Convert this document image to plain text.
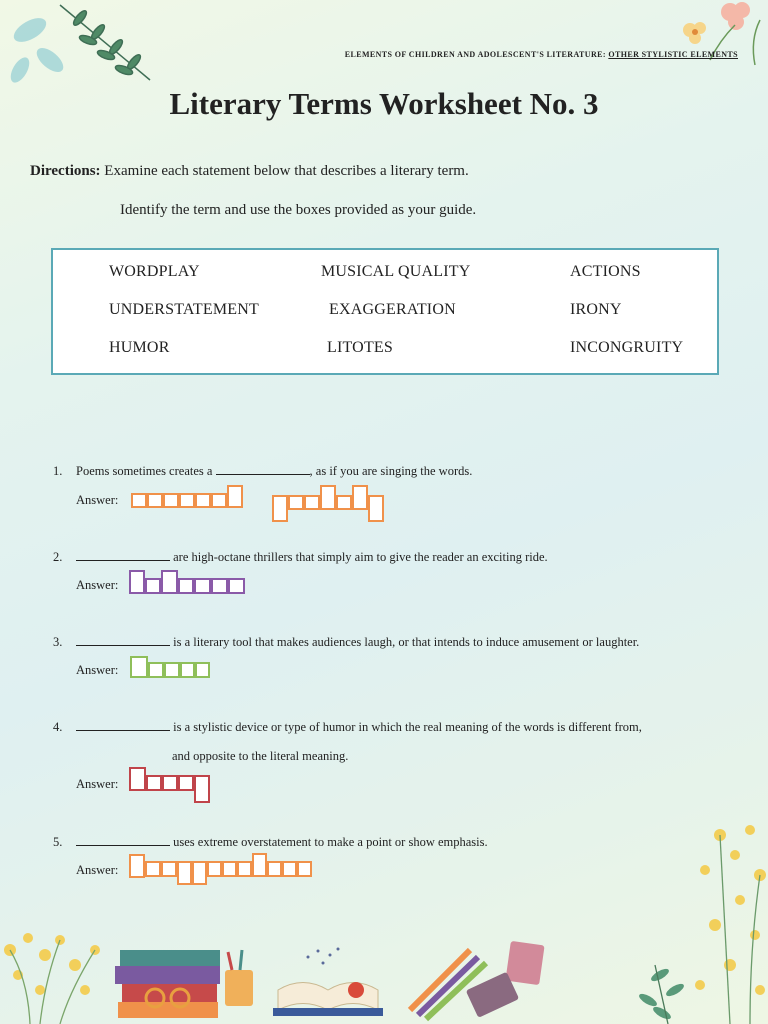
ELEMENTS OF CHILDREN AND ADOLESCENT'S LITERATURE: OTHER STYLISTIC ELEMENTS
Literary Terms Worksheet No. 3
Directions: Examine each statement below that describes a literary term.
Identify the term and use the boxes provided as your guide.
WORDPLAY	MUSICAL QUALITY	ACTIONS
UNDERSTATEMENT	EXAGGERATION	IRONY
HUMOR	LITOTES	INCONGRUITY
1. Poems sometimes creates a	, as if you are singing the words.
Answer:
2.	are high-octane thrillers that simply aim to give the reader an exciting ride.
Answer:
3.	is a literary tool that makes audiences laugh, or that intends to induce amusement or laughter.
Answer:
4.	is a stylistic device or type of humor in which the real meaning of the words is different from,
and opposite to the literal meaning.
Answer:
5.	uses extreme overstatement to make a point or show emphasis.
Answer:
